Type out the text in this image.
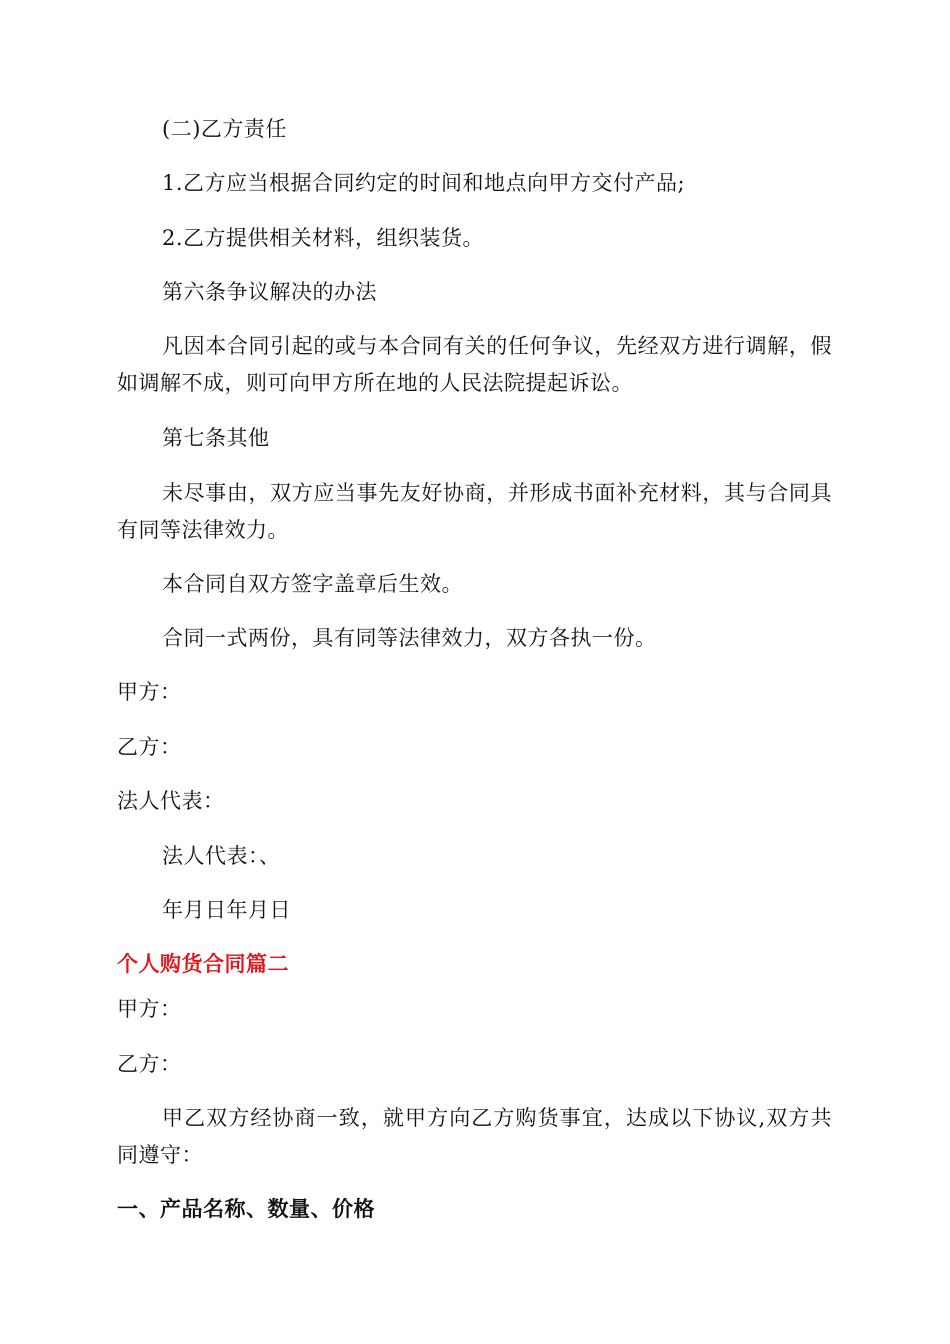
(二)乙方责任
1.乙方应当根据合同约定的时间和地点向甲方交付产品;
2.乙方提供相关材料，组织装货。
第六条争议解决的办法
凡因本合同引起的或与本合同有关的任何争议，先经双方进行调解，假如调解不成，则可向甲方所在地的人民法院提起诉讼。
第七条其他
未尽事由，双方应当事先友好协商，并形成书面补充材料，其与合同具有同等法律效力。
本合同自双方签字盖章后生效。
合同一式两份，具有同等法律效力，双方各执一份。
甲方：
乙方：
法人代表：
法人代表：、
年月日年月日
个人购货合同篇二
甲方：
乙方：
甲乙双方经协商一致，就甲方向乙方购货事宜，达成以下协议,双方共同遵守：
一、产品名称、数量、价格
